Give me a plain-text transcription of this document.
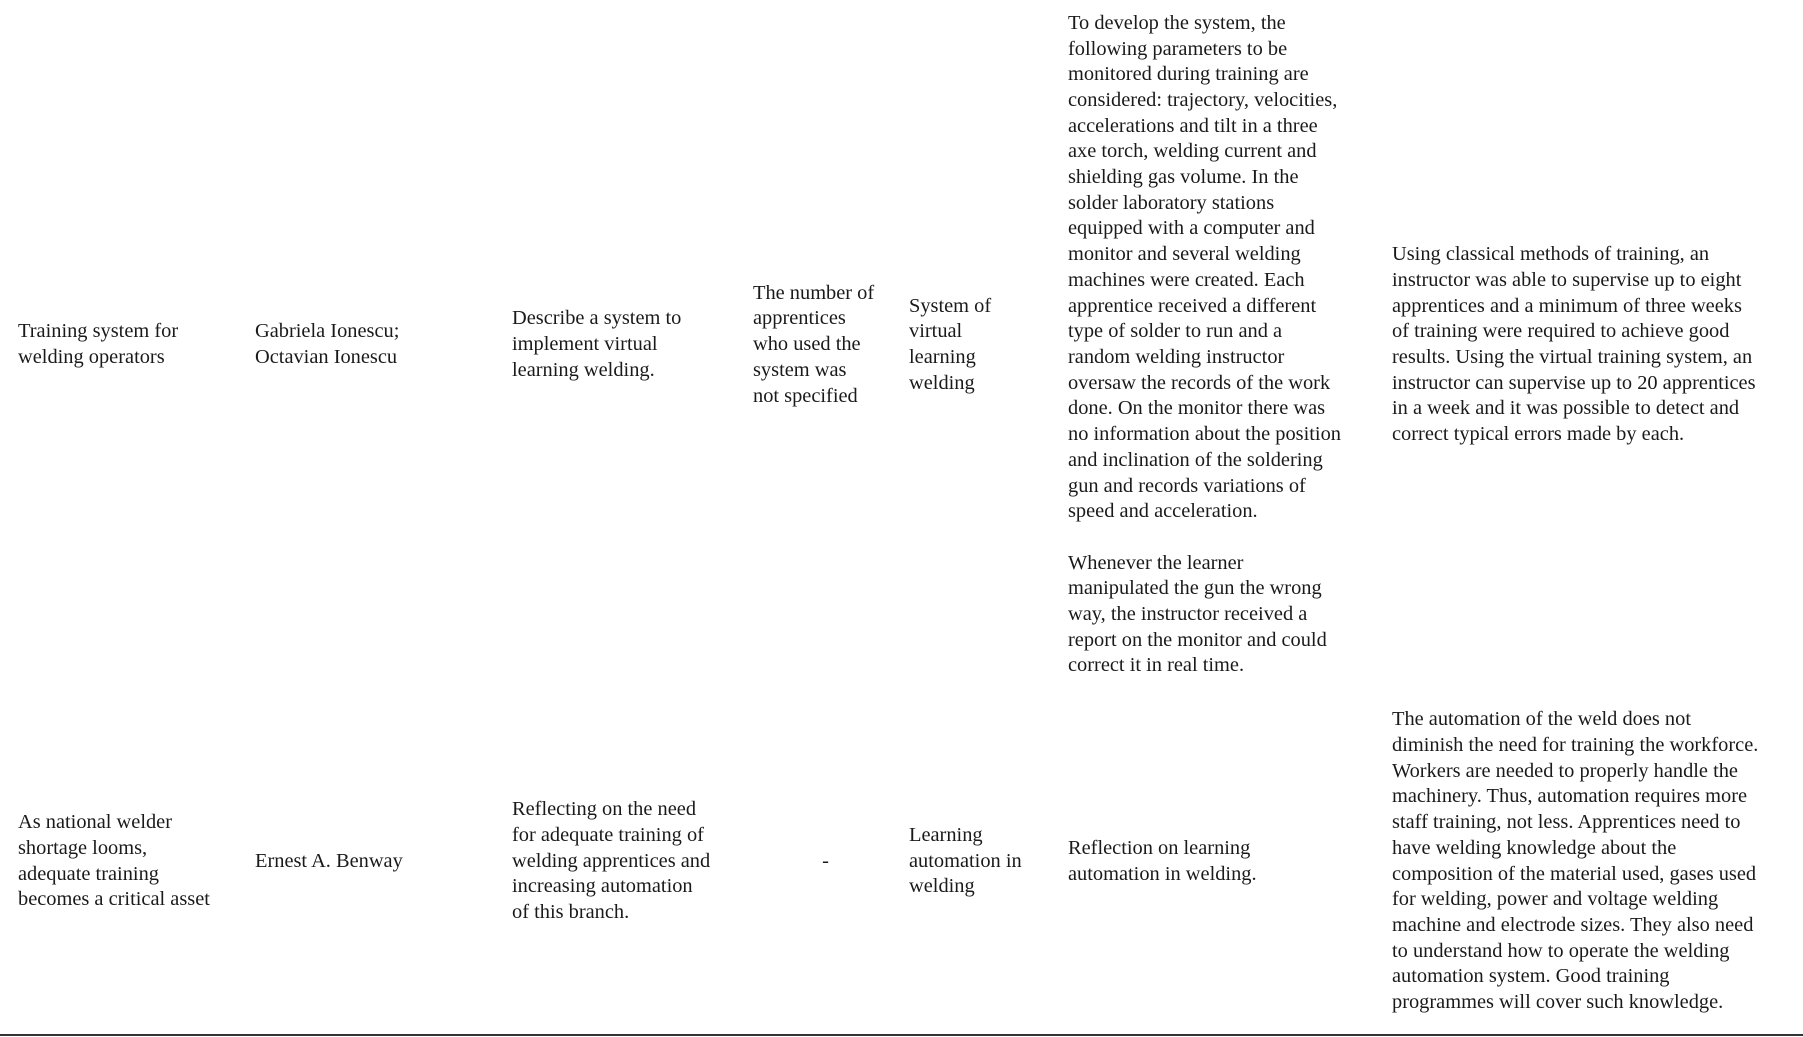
Training system for
welding operators
Gabriela Ionescu;
Octavian Ionescu
Describe a system to
implement virtual
learning welding.
The number of
apprentices
who used the
system was
not specified
System of
virtual
learning
welding
To develop the system, the
following parameters to be
monitored during training are
considered: trajectory, velocities,
accelerations and tilt in a three
axe torch, welding current and
shielding gas volume. In the
solder laboratory stations
equipped with a computer and
monitor and several welding
machines were created. Each
apprentice received a different
type of solder to run and a
random welding instructor
oversaw the records of the work
done. On the monitor there was
no information about the position
and inclination of the soldering
gun and records variations of
speed and acceleration.
Whenever the learner
manipulated the gun the wrong
way, the instructor received a
report on the monitor and could
correct it in real time.
Using classical methods of training, an
instructor was able to supervise up to eight
apprentices and a minimum of three weeks
of training were required to achieve good
results. Using the virtual training system, an
instructor can supervise up to 20 apprentices
in a week and it was possible to detect and
correct typical errors made by each.
As national welder
shortage looms,
adequate training
becomes a critical asset
Ernest A. Benway
Reflecting on the need
for adequate training of
welding apprentices and
increasing automation
of this branch.
-
Learning
automation in
welding
Reflection on learning
automation in welding.
The automation of the weld does not
diminish the need for training the workforce.
Workers are needed to properly handle the
machinery. Thus, automation requires more
staff training, not less. Apprentices need to
have welding knowledge about the
composition of the material used, gases used
for welding, power and voltage welding
machine and electrode sizes. They also need
to understand how to operate the welding
automation system. Good training
programmes will cover such knowledge.
